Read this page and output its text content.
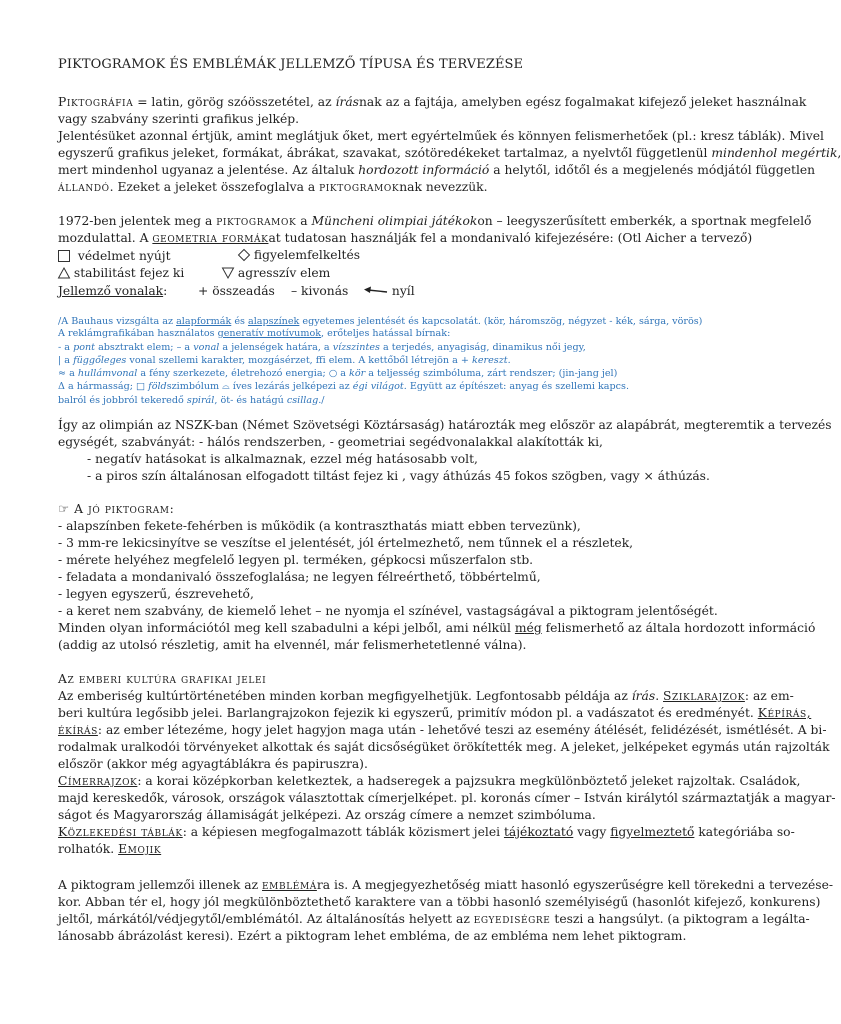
PIKTOGRAMOK ÉS EMBLÉMÁK JELLEMZŐ TÍPUSA ÉS TERVEZÉSE
Piktográfia = latin, görög szóösszetétel, az írásnak az a fajtája, amelyben egész fogalmakat kifejező jeleket használnak
vagy szabvány szerinti grafikus jelkép.
Jelentésüket azonnal értjük, amint meglátjuk őket, mert egyértelműek és könnyen felismerhetőek (pl.: kresz táblák). Mivel
egyszerű grafikus jeleket, formákat, ábrákat, szavakat, szótöredékeket tartalmaz, a nyelvtől függetlenül mindenhol megértik,
mert mindenhol ugyanaz a jelentése. Az általuk hordozott információ a helytől, időtől és a megjelenés módjától független
állandó. Ezeket a jeleket összefoglalva a piktogramoknak nevezzük.
1972-ben jelentek meg a piktogramok a Müncheni olimpiai játékokon – leegyszerűsített emberkék, a sportnak megfelelő
mozdulattal. A geometria formákat tudatosan használják fel a mondanivaló kifejezésére: (Otl Aicher a tervező)
védelmet nyújt	figyelemfelkeltés
stabilitást fejez ki	agresszív elem
Jellemző vonalak: + összeadás – kivonás	nyíl
/A Bauhaus vizsgálta az alapformák és alapszínek egyetemes jelentését és kapcsolatát. (kör, háromszög, négyzet - kék, sárga, vörös)
A reklámgrafikában használatos generatív motívumok, erőteljes hatással bírnak:
- a pont absztrakt elem; – a vonal a jelenségek határa, a vízszintes a terjedés, anyagiság, dinamikus női jegy,
| a függőleges vonal szellemi karakter, mozgásérzet, ffi elem. A kettőből létrejön a + kereszt.
≈ a hullámvonal a fény szerkezete, életrehozó energia; ○ a kör a teljesség szimbóluma, zárt rendszer; (jin-jang jel)
Δ a hármasság; □ földszimbólum ⌓ íves lezárás jelképezi az égi világot. Együtt az építészet: anyag és szellemi kapcs.
balról és jobbról tekeredő spirál, öt- és hatágú csillag./
Így az olimpián az NSZK-ban (Német Szövetségi Köztársaság) határozták meg először az alapábrát, megteremtik a tervezés
egységét, szabványát: - hálós rendszerben, - geometriai segédvonalakkal alakították ki,
- negatív hatásokat is alkalmaznak, ezzel még hatásosabb volt,
- a piros szín általánosan elfogadott tiltást fejez ki , vagy áthúzás 45 fokos szögben, vagy × áthúzás.
☞ A jó piktogram:
- alapszínben fekete-fehérben is működik (a kontraszthatás miatt ebben tervezünk),
- 3 mm-re lekicsinyítve se veszítse el jelentését, jól értelmezhető, nem tűnnek el a részletek,
- mérete helyéhez megfelelő legyen pl. terméken, gépkocsi műszerfalon stb.
- feladata a mondanivaló összefoglalása; ne legyen félreérthető, többértelmű,
- legyen egyszerű, észrevehető,
- a keret nem szabvány, de kiemelő lehet – ne nyomja el színével, vastagságával a piktogram jelentőségét.
Minden olyan információtól meg kell szabadulni a képi jelből, ami nélkül még felismerhető az általa hordozott információ
(addig az utolsó részletig, amit ha elvennél, már felismerhetetlenné válna).
Az emberi kultúra grafikai jelei
Az emberiség kultúrtörténetében minden korban megfigyelhetjük. Legfontosabb példája az írás. Sziklarajzok: az em-
beri kultúra legősibb jelei. Barlangrajzokon fejezik ki egyszerű, primitív módon pl. a vadászatot és eredményét. Képírás,
ékírás: az ember létezéme, hogy jelet hagyjon maga után - lehetővé teszi az esemény átélését, felidézését, ismétlését. A bi-
rodalmak uralkodói törvényeket alkottak és saját dicsőségüket örökítették meg. A jeleket, jelképeket egymás után rajzolták
először (akkor még agyagtáblákra és papiruszra).
Címerrajzok: a korai középkorban keletkeztek, a hadseregek a pajzsukra megkülönböztető jeleket rajzoltak. Családok,
majd kereskedők, városok, országok választottak címerjelképet. pl. koronás címer – István királytól származtatják a magyar-
ságot és Magyarország államiságát jelképezi. Az ország címere a nemzet szimbóluma.
Közlekedési táblák: a képiesen megfogalmazott táblák közismert jelei tájékoztató vagy figyelmeztető kategóriába so-
rolhatók. Emojik
A piktogram jellemzői illenek az emblémára is. A megjegyezhetőség miatt hasonló egyszerűségre kell törekedni a tervezése-
kor. Abban tér el, hogy jól megkülönböztethető karaktere van a többi hasonló személyiségű (hasonlót kifejező, konkurens)
jeltől, márkától/védjegytől/emblémától. Az általánosítás helyett az egyediségre teszi a hangsúlyt. (a piktogram a legálta-
lánosabb ábrázolást keresi). Ezért a piktogram lehet embléma, de az embléma nem lehet piktogram.
